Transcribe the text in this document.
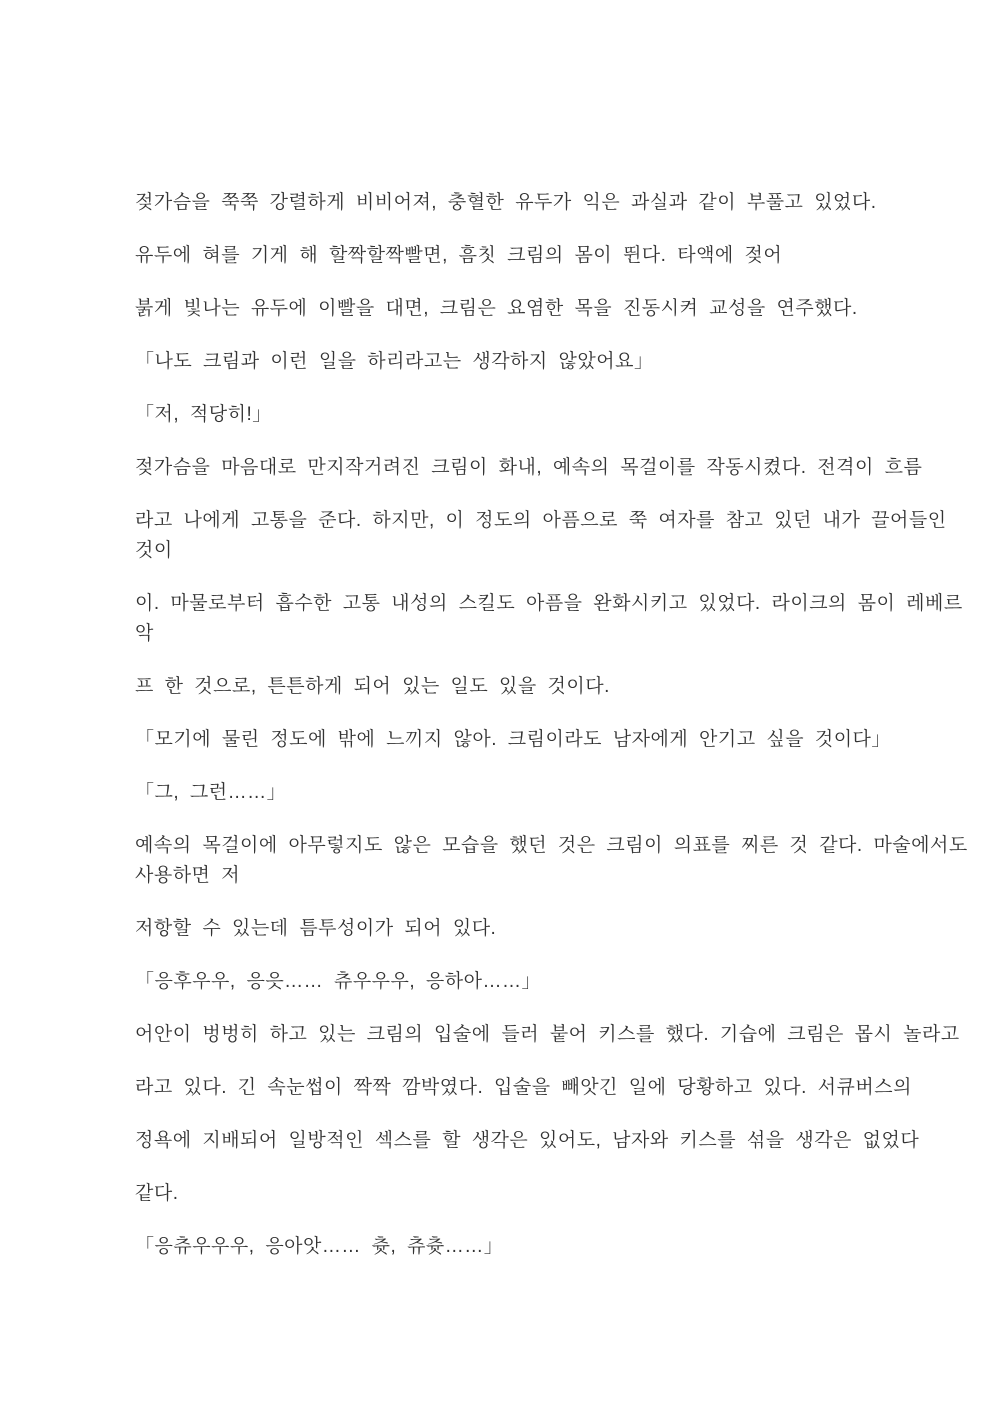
젖가슴을 쭉쭉 강렬하게 비비어져, 충혈한 유두가 익은 과실과 같이 부풀고 있었다.

유두에 혀를 기게 해 할짝할짝빨면, 흠칫 크림의 몸이 뛴다. 타액에 젖어

붉게 빛나는 유두에 이빨을 대면, 크림은 요염한 목을 진동시켜 교성을 연주했다.

「나도 크림과 이런 일을 하리라고는 생각하지 않았어요」

「저, 적당히!」

젖가슴을 마음대로 만지작거려진 크림이 화내, 예속의 목걸이를 작동시켰다. 전격이 흐름

라고 나에게 고통을 준다. 하지만, 이 정도의 아픔으로 쭉 여자를 참고 있던 내가 끌어들인
것이

이. 마물로부터 흡수한 고통 내성의 스킬도 아픔을 완화시키고 있었다. 라이크의 몸이 레베르
악

프 한 것으로, 튼튼하게 되어 있는 일도 있을 것이다.

「모기에 물린 정도에 밖에 느끼지 않아. 크림이라도 남자에게 안기고 싶을 것이다」

「그, 그런……」

예속의 목걸이에 아무렇지도 않은 모습을 했던 것은 크림이 의표를 찌른 것 같다. 마술에서도
사용하면 저

저항할 수 있는데 틈투성이가 되어 있다.

「응후우우, 응읏…… 츄우우우, 응하아……」

어안이 벙벙히 하고 있는 크림의 입술에 들러 붙어 키스를 했다. 기습에 크림은 몹시 놀라고

라고 있다. 긴 속눈썹이 짝짝 깜박였다. 입술을 빼앗긴 일에 당황하고 있다. 서큐버스의

정욕에 지배되어 일방적인 섹스를 할 생각은 있어도, 남자와 키스를 섞을 생각은 없었다

같다.

「응츄우우우, 응아앗…… 츗, 츄츗……」
